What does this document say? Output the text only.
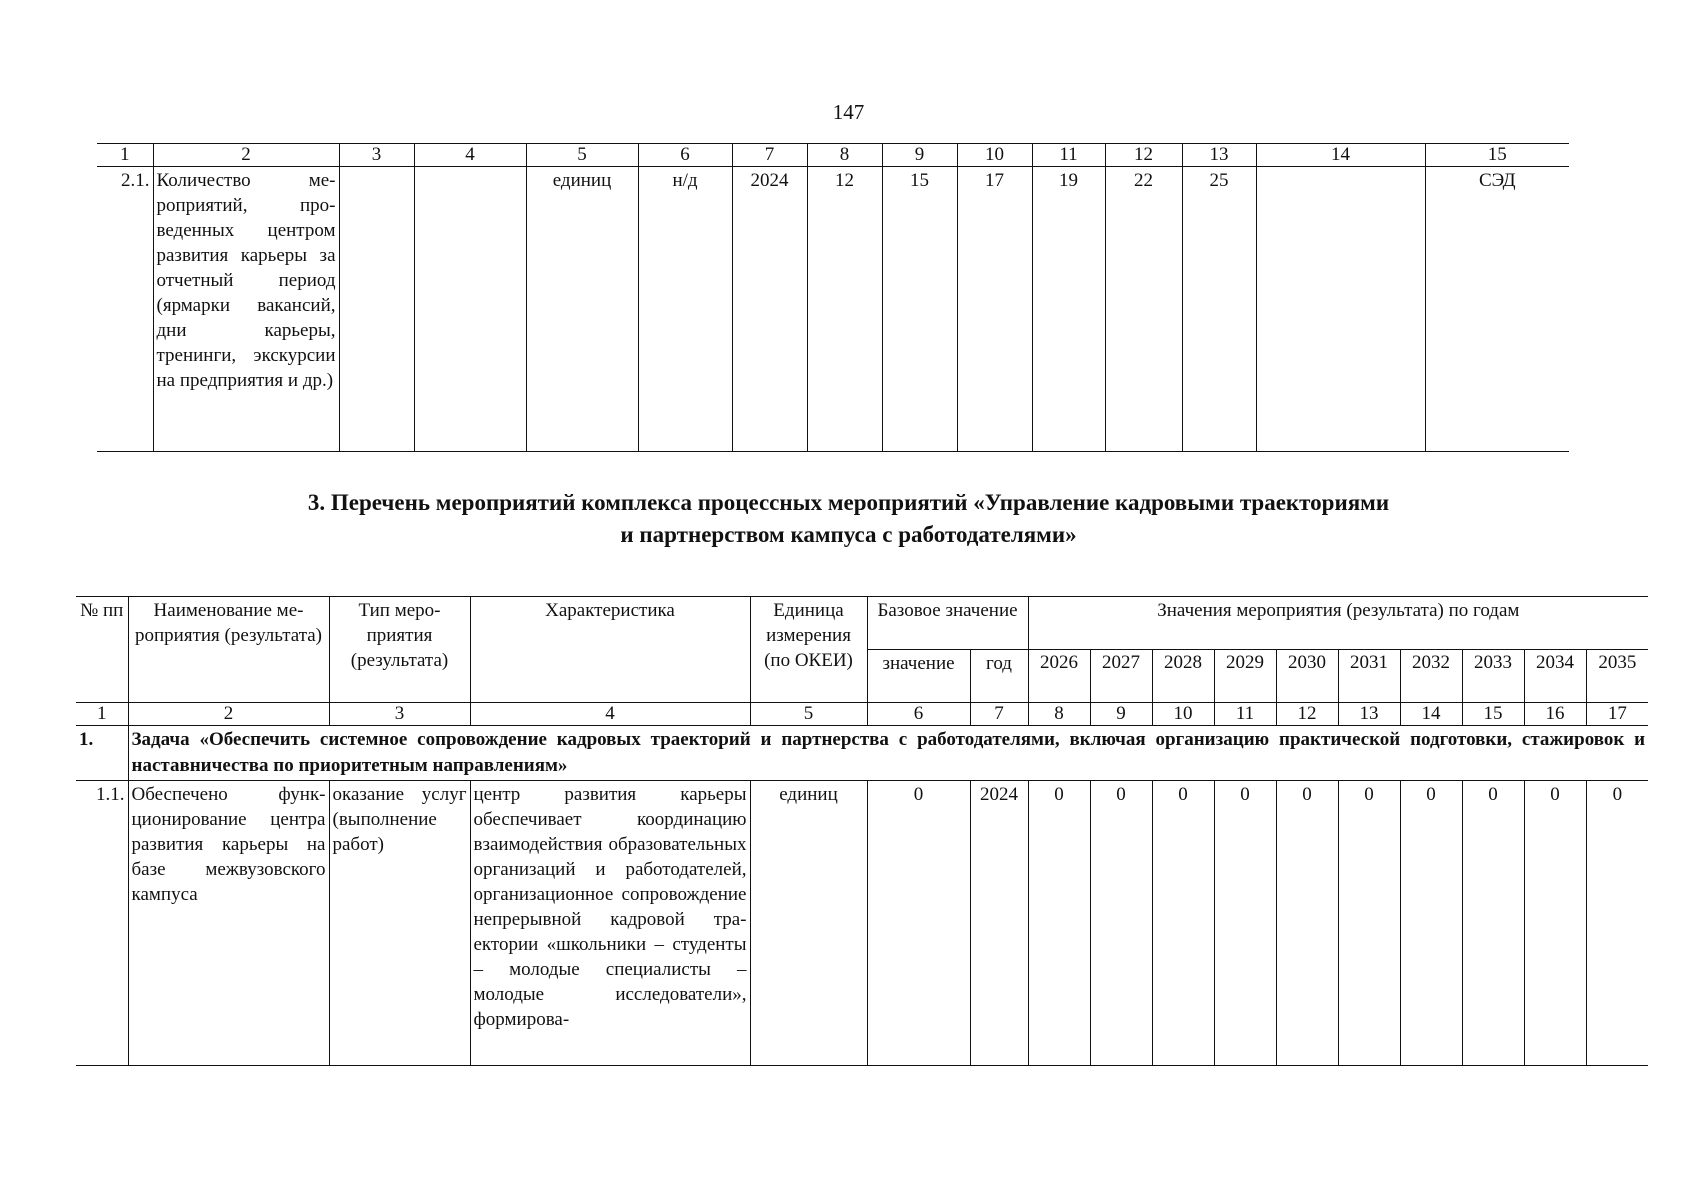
147
1	2	3	4	5	6	7	8	9	10	11	12	13	14	15
2.1.	Количество мероприятий, проведенных центром развития карьеры за отчетный период (ярмарки вакансий, дни карьеры, тренинги, экскурсии на предприятия и др.)			единиц	н/д	2024	12	15	17	19	22	25		СЭД
3. Перечень мероприятий комплекса процессных мероприятий «Управление кадровыми траекториями
и партнерством кампуса с работодателями»
№ пп	Наименование мероприятия (результата)	Тип мероприятия (результата)	Характеристика	Единица измерения (по ОКЕИ)	Базовое значение		Значения мероприятия (результата) по годам									
					значение	год	2026	2027	2028	2029	2030	2031	2032	2033	2034	2035
1	2	3	4	5	6	7	8	9	10	11	12	13	14	15	16	17
1.	Задача «Обеспечить системное сопровождение кадровых траекторий и партнерства с работодателями, включая организацию практической подготовки, стажировок и наставничества по приоритетным направлениям»															
1.1.	Обеспечено функционирование центра развития карьеры на базе межвузовского кампуса	оказание услуг (выполнение работ)	центр развития карьеры обеспечивает координацию взаимодействия образовательных организаций и работодателей, организационное сопровождение непрерывной кадровой траектории «школьники – студенты – молодые специалисты – молодые исследователи», формирова-	единиц	0	2024	0	0	0	0	0	0	0	0	0	0
